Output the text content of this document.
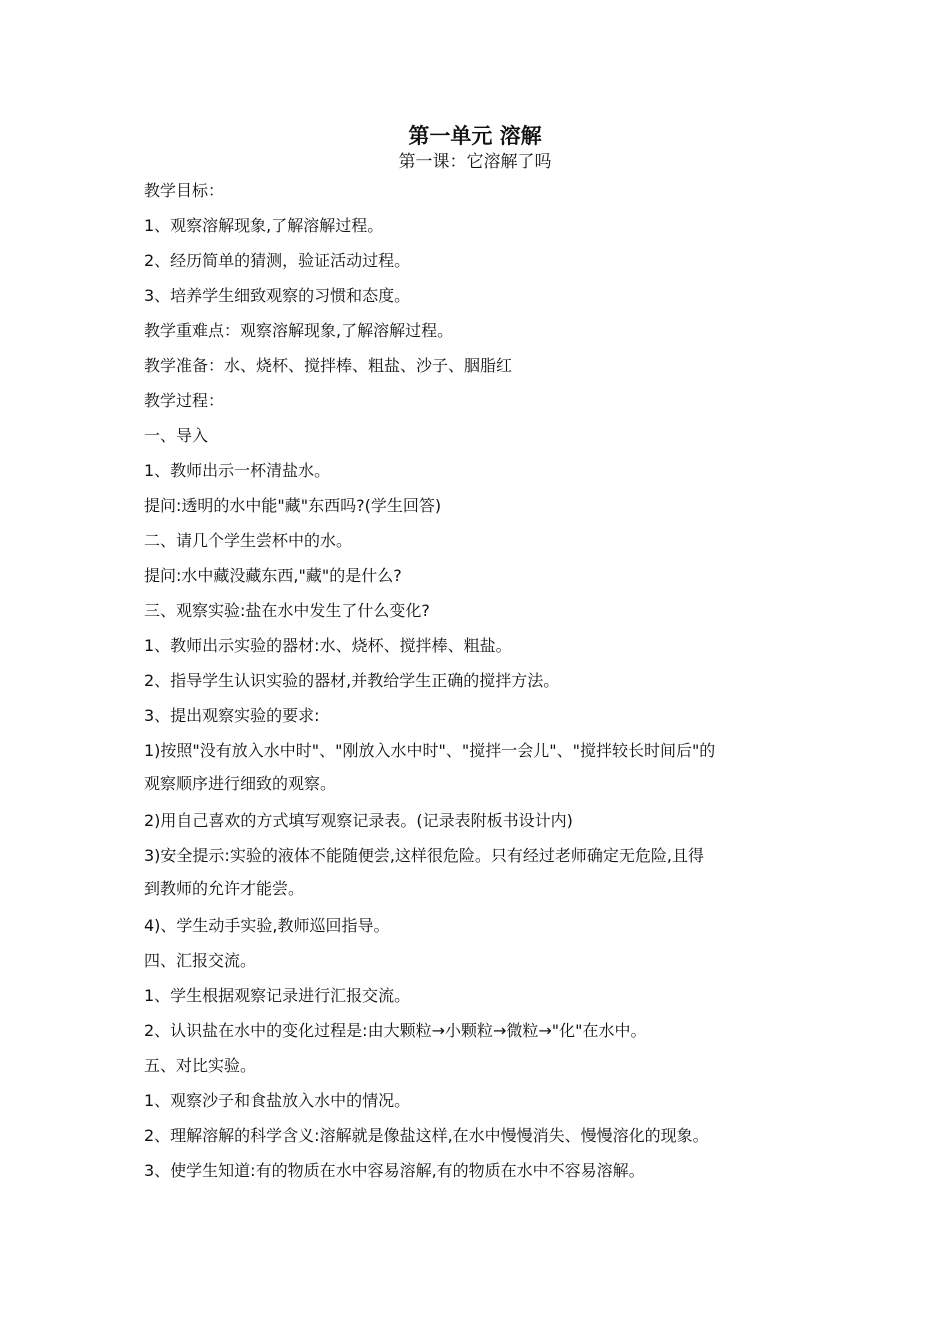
第一单元 溶解
第一课：它溶解了吗
教学目标：
1、观察溶解现象,了解溶解过程。
2、经历简单的猜测，验证活动过程。
3、培养学生细致观察的习惯和态度。
教学重难点：观察溶解现象,了解溶解过程。
教学准备：水、烧杯、搅拌棒、粗盐、沙子、胭脂红
教学过程：
一、导入
1、教师出示一杯清盐水。
提问:透明的水中能"藏"东西吗?(学生回答)
二、请几个学生尝杯中的水。
提问:水中藏没藏东西,"藏"的是什么?
三、观察实验:盐在水中发生了什么变化?
1、教师出示实验的器材:水、烧杯、搅拌棒、粗盐。
2、指导学生认识实验的器材,并教给学生正确的搅拌方法。
3、提出观察实验的要求:
1)按照"没有放入水中时"、"刚放入水中时"、"搅拌一会儿"、"搅拌较长时间后"的
观察顺序进行细致的观察。
2)用自己喜欢的方式填写观察记录表。(记录表附板书设计内)
3)安全提示:实验的液体不能随便尝,这样很危险。只有经过老师确定无危险,且得
到教师的允许才能尝。
4)、学生动手实验,教师巡回指导。
四、汇报交流。
1、学生根据观察记录进行汇报交流。
2、认识盐在水中的变化过程是:由大颗粒→小颗粒→微粒→"化"在水中。
五、对比实验。
1、观察沙子和食盐放入水中的情况。
2、理解溶解的科学含义:溶解就是像盐这样,在水中慢慢消失、慢慢溶化的现象。
3、使学生知道:有的物质在水中容易溶解,有的物质在水中不容易溶解。
